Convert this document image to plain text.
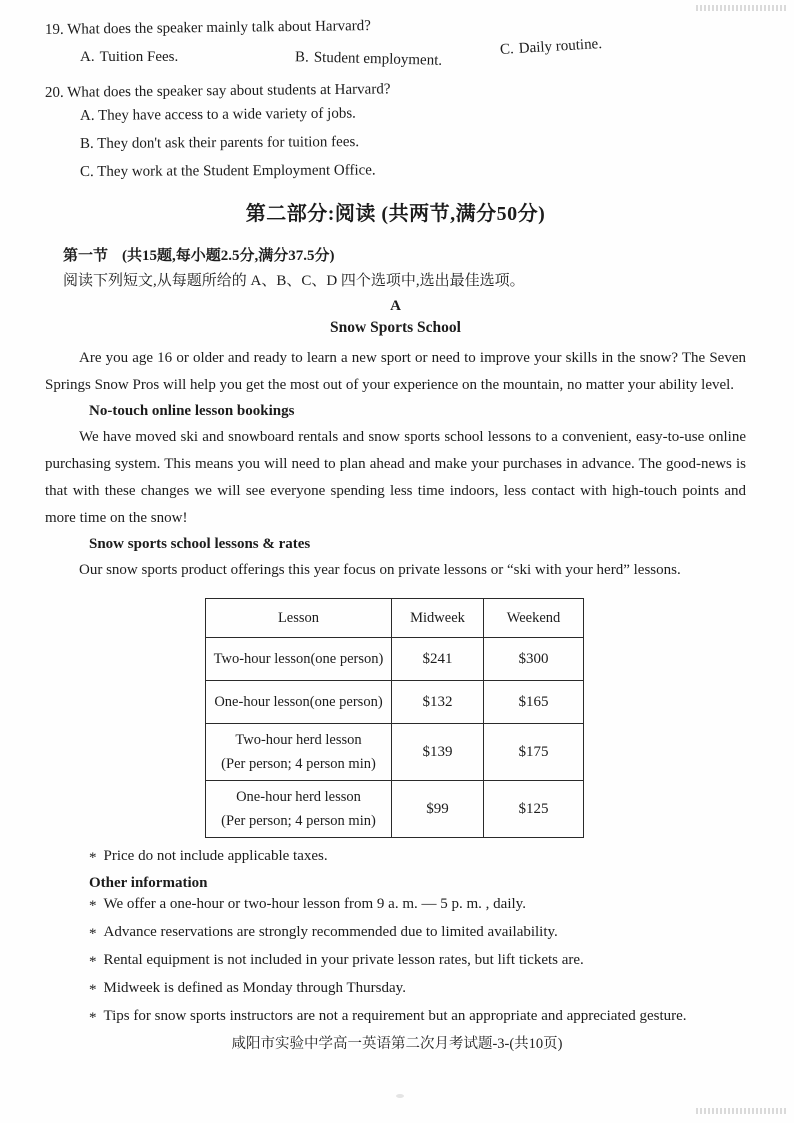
19. What does the speaker mainly talk about Harvard?
A. Tuition Fees.	B. Student employment.
C. Daily routine.
20. What does the speaker say about students at Harvard?
A. They have access to a wide variety of jobs.
B. They don't ask their parents for tuition fees.
C. They work at the Student Employment Office.
第二部分:阅读 (共两节,满分50分)
第一节 (共15题,每小题2.5分,满分37.5分)
阅读下列短文,从每题所给的 A、B、C、D 四个选项中,选出最佳选项。
A
Snow Sports School

Are you age 16 or older and ready to learn a new sport or need to improve your skills in the snow? The Seven Springs Snow Pros will help you get the most out of your experience on the mountain, no matter your ability level.

No-touch online lesson bookings

We have moved ski and snowboard rentals and snow sports school lessons to a convenient, easy-to-use online purchasing system. This means you will need to plan ahead and make your purchases in advance. The good-news is that with these changes we will see everyone spending less time indoors, less contact with high-touch points and more time on the snow!

Snow sports school lessons & rates

Our snow sports product offerings this year focus on private lessons or “ski with your herd” lessons.

Lesson	Midweek	Weekend

Two-hour lesson(one person)	$241	$300

One-hour lesson(one person)	$132	$165

Two-hour herd lesson
(Per person; 4 person min)	$139	$175

One-hour herd lesson
(Per person; 4 person min)	$99	$125
* Price do not include applicable taxes.
Other information
* We offer a one-hour or two-hour lesson from 9 a. m. — 5 p. m. , daily.
* Advance reservations are strongly recommended due to limited availability.
* Rental equipment is not included in your private lesson rates, but lift tickets are.
* Midweek is defined as Monday through Thursday.
* Tips for snow sports instructors are not a requirement but an appropriate and appreciated gesture.
咸阳市实验中学高一英语第二次月考试题-3-(共10页)
